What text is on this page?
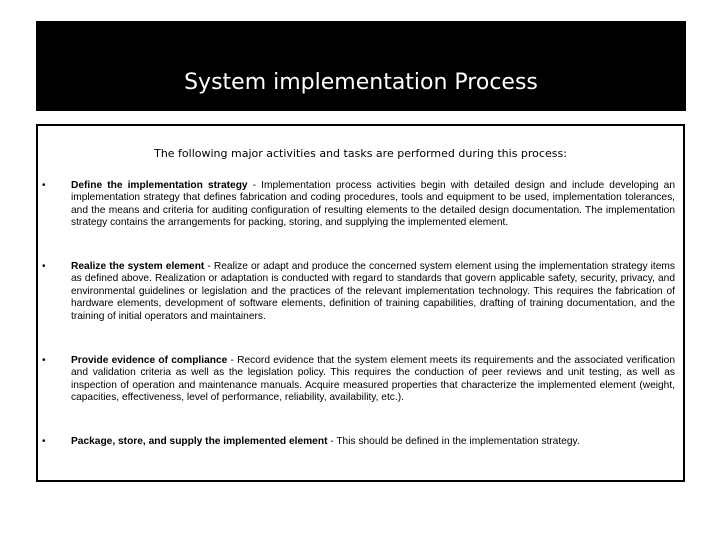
System implementation Process
The following major activities and tasks are performed during this process:
• Define the implementation strategy - Implementation process activities begin with detailed design and include developing an implementation strategy that defines fabrication and coding procedures, tools and equipment to be used, implementation tolerances, and the means and criteria for auditing configuration of resulting elements to the detailed design documentation. The implementation strategy contains the arrangements for packing, storing, and supplying the implemented element.

• Realize the system element - Realize or adapt and produce the concerned system element using the implementation strategy items as defined above. Realization or adaptation is conducted with regard to standards that govern applicable safety, security, privacy, and environmental guidelines or legislation and the practices of the relevant implementation technology. This requires the fabrication of hardware elements, development of software elements, definition of training capabilities, drafting of training documentation, and the training of initial operators and maintainers.

• Provide evidence of compliance - Record evidence that the system element meets its requirements and the associated verification and validation criteria as well as the legislation policy. This requires the conduction of peer reviews and unit testing, as well as inspection of operation and maintenance manuals. Acquire measured properties that characterize the implemented element (weight, capacities, effectiveness, level of performance, reliability, availability, etc.).

• Package, store, and supply the implemented element - This should be defined in the implementation strategy.
